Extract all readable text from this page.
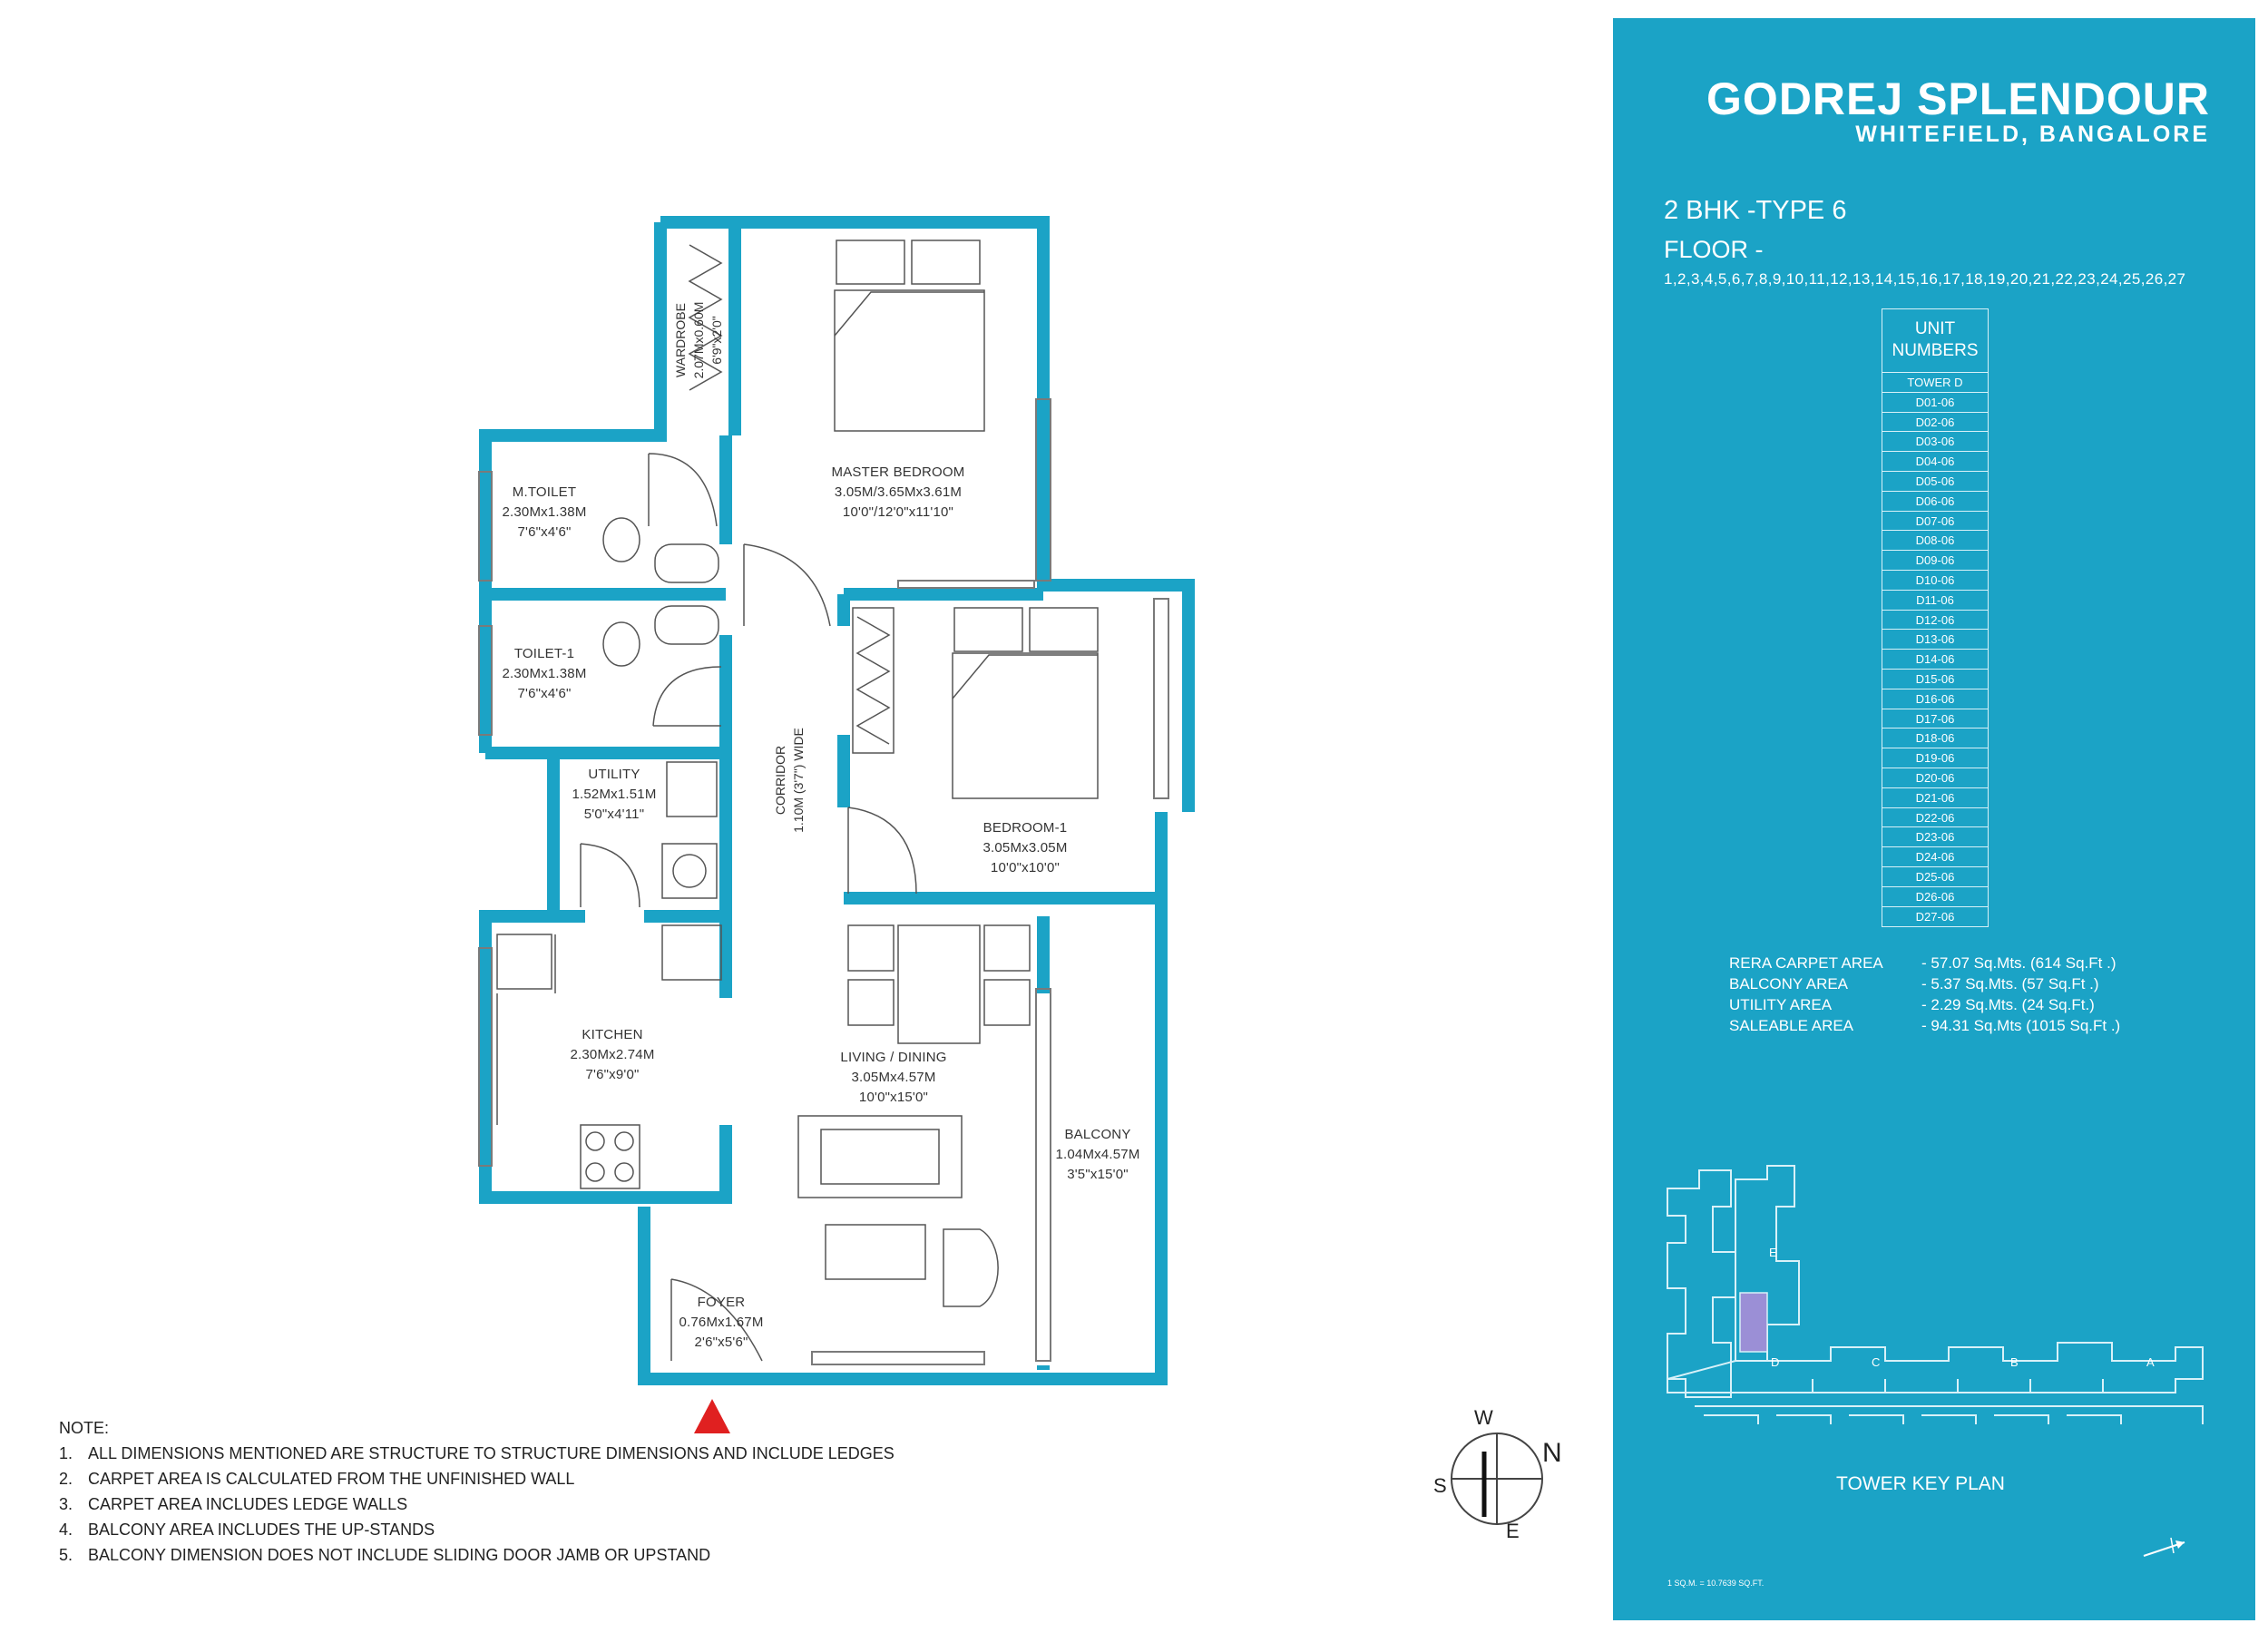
MASTER BEDROOM
3.05M/3.65Mx3.61M
10'0"/12'0"x11'10"
WARDROBE 2.07Mx0.60M 6'9"x2'0"
M.TOILET
2.30Mx1.38M
7'6"x4'6"
TOILET-1
2.30Mx1.38M
7'6"x4'6"
UTILITY
1.52Mx1.51M
5'0"x4'11"	CORRIDOR 1.10M (3'7") WIDE	BEDROOM-1
3.05Mx3.05M
10'0"x10'0"
KITCHEN
2.30Mx2.74M
7'6"x9'0"
LIVING / DINING
3.05Mx4.57M
10'0"x15'0"
BALCONY
1.04Mx4.57M
3'5"x15'0"
FOYER
0.76Mx1.67M
2'6"x5'6"
NOTE:
1. ALL DIMENSIONS MENTIONED ARE STRUCTURE TO STRUCTURE DIMENSIONS AND INCLUDE LEDGES
2. CARPET AREA IS CALCULATED FROM THE UNFINISHED WALL
3. CARPET AREA INCLUDES LEDGE WALLS
4. BALCONY AREA INCLUDES THE UP-STANDS
5. BALCONY DIMENSION DOES NOT INCLUDE SLIDING DOOR JAMB OR UPSTAND
W
N
S
E
GODREJ SPLENDOUR
WHITEFIELD, BANGALORE
2 BHK -TYPE 6
FLOOR -
1,2,3,4,5,6,7,8,9,10,11,12,13,14,15,16,17,18,19,20,21,22,23,24,25,26,27
UNIT
NUMBERS
TOWER D
D01-06
D02-06
D03-06
D04-06
D05-06
D06-06
D07-06
D08-06
D09-06
D10-06
D11-06
D12-06
D13-06
D14-06
D15-06
D16-06
D17-06
D18-06
D19-06
D20-06
D21-06
D22-06
D23-06
D24-06
D25-06
D26-06
D27-06
RERA CARPET AREA	- 57.07 Sq.Mts. (614 Sq.Ft .)
BALCONY AREA	- 5.37 Sq.Mts. (57 Sq.Ft .)
UTILITY AREA	- 2.29 Sq.Mts. (24 Sq.Ft.)
SALEABLE AREA	- 94.31 Sq.Mts (1015 Sq.Ft .)
E
D	C	B	A
TOWER KEY PLAN
1 SQ.M. = 10.7639 SQ.FT.
